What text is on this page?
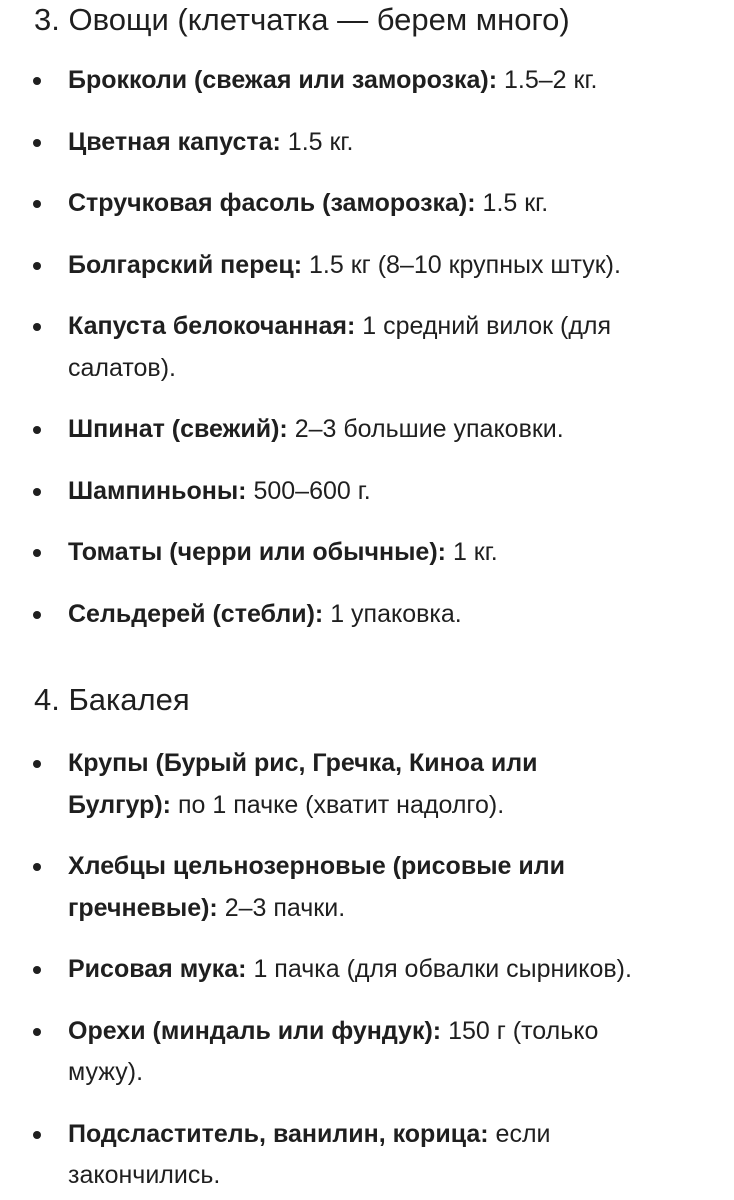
3. Овощи (клетчатка — берем много)
Брокколи (свежая или заморозка): 1.5–2 кг.
Цветная капуста: 1.5 кг.
Стручковая фасоль (заморозка): 1.5 кг.
Болгарский перец: 1.5 кг (8–10 крупных штук).
Капуста белокочанная: 1 средний вилок (для салатов).
Шпинат (свежий): 2–3 большие упаковки.
Шампиньоны: 500–600 г.
Томаты (черри или обычные): 1 кг.
Сельдерей (стебли): 1 упаковка.
4. Бакалея
Крупы (Бурый рис, Гречка, Киноа или Булгур): по 1 пачке (хватит надолго).
Хлебцы цельнозерновые (рисовые или гречневые): 2–3 пачки.
Рисовая мука: 1 пачка (для обвалки сырников).
Орехи (миндаль или фундук): 150 г (только мужу).
Подсластитель, ванилин, корица: если закончились.
